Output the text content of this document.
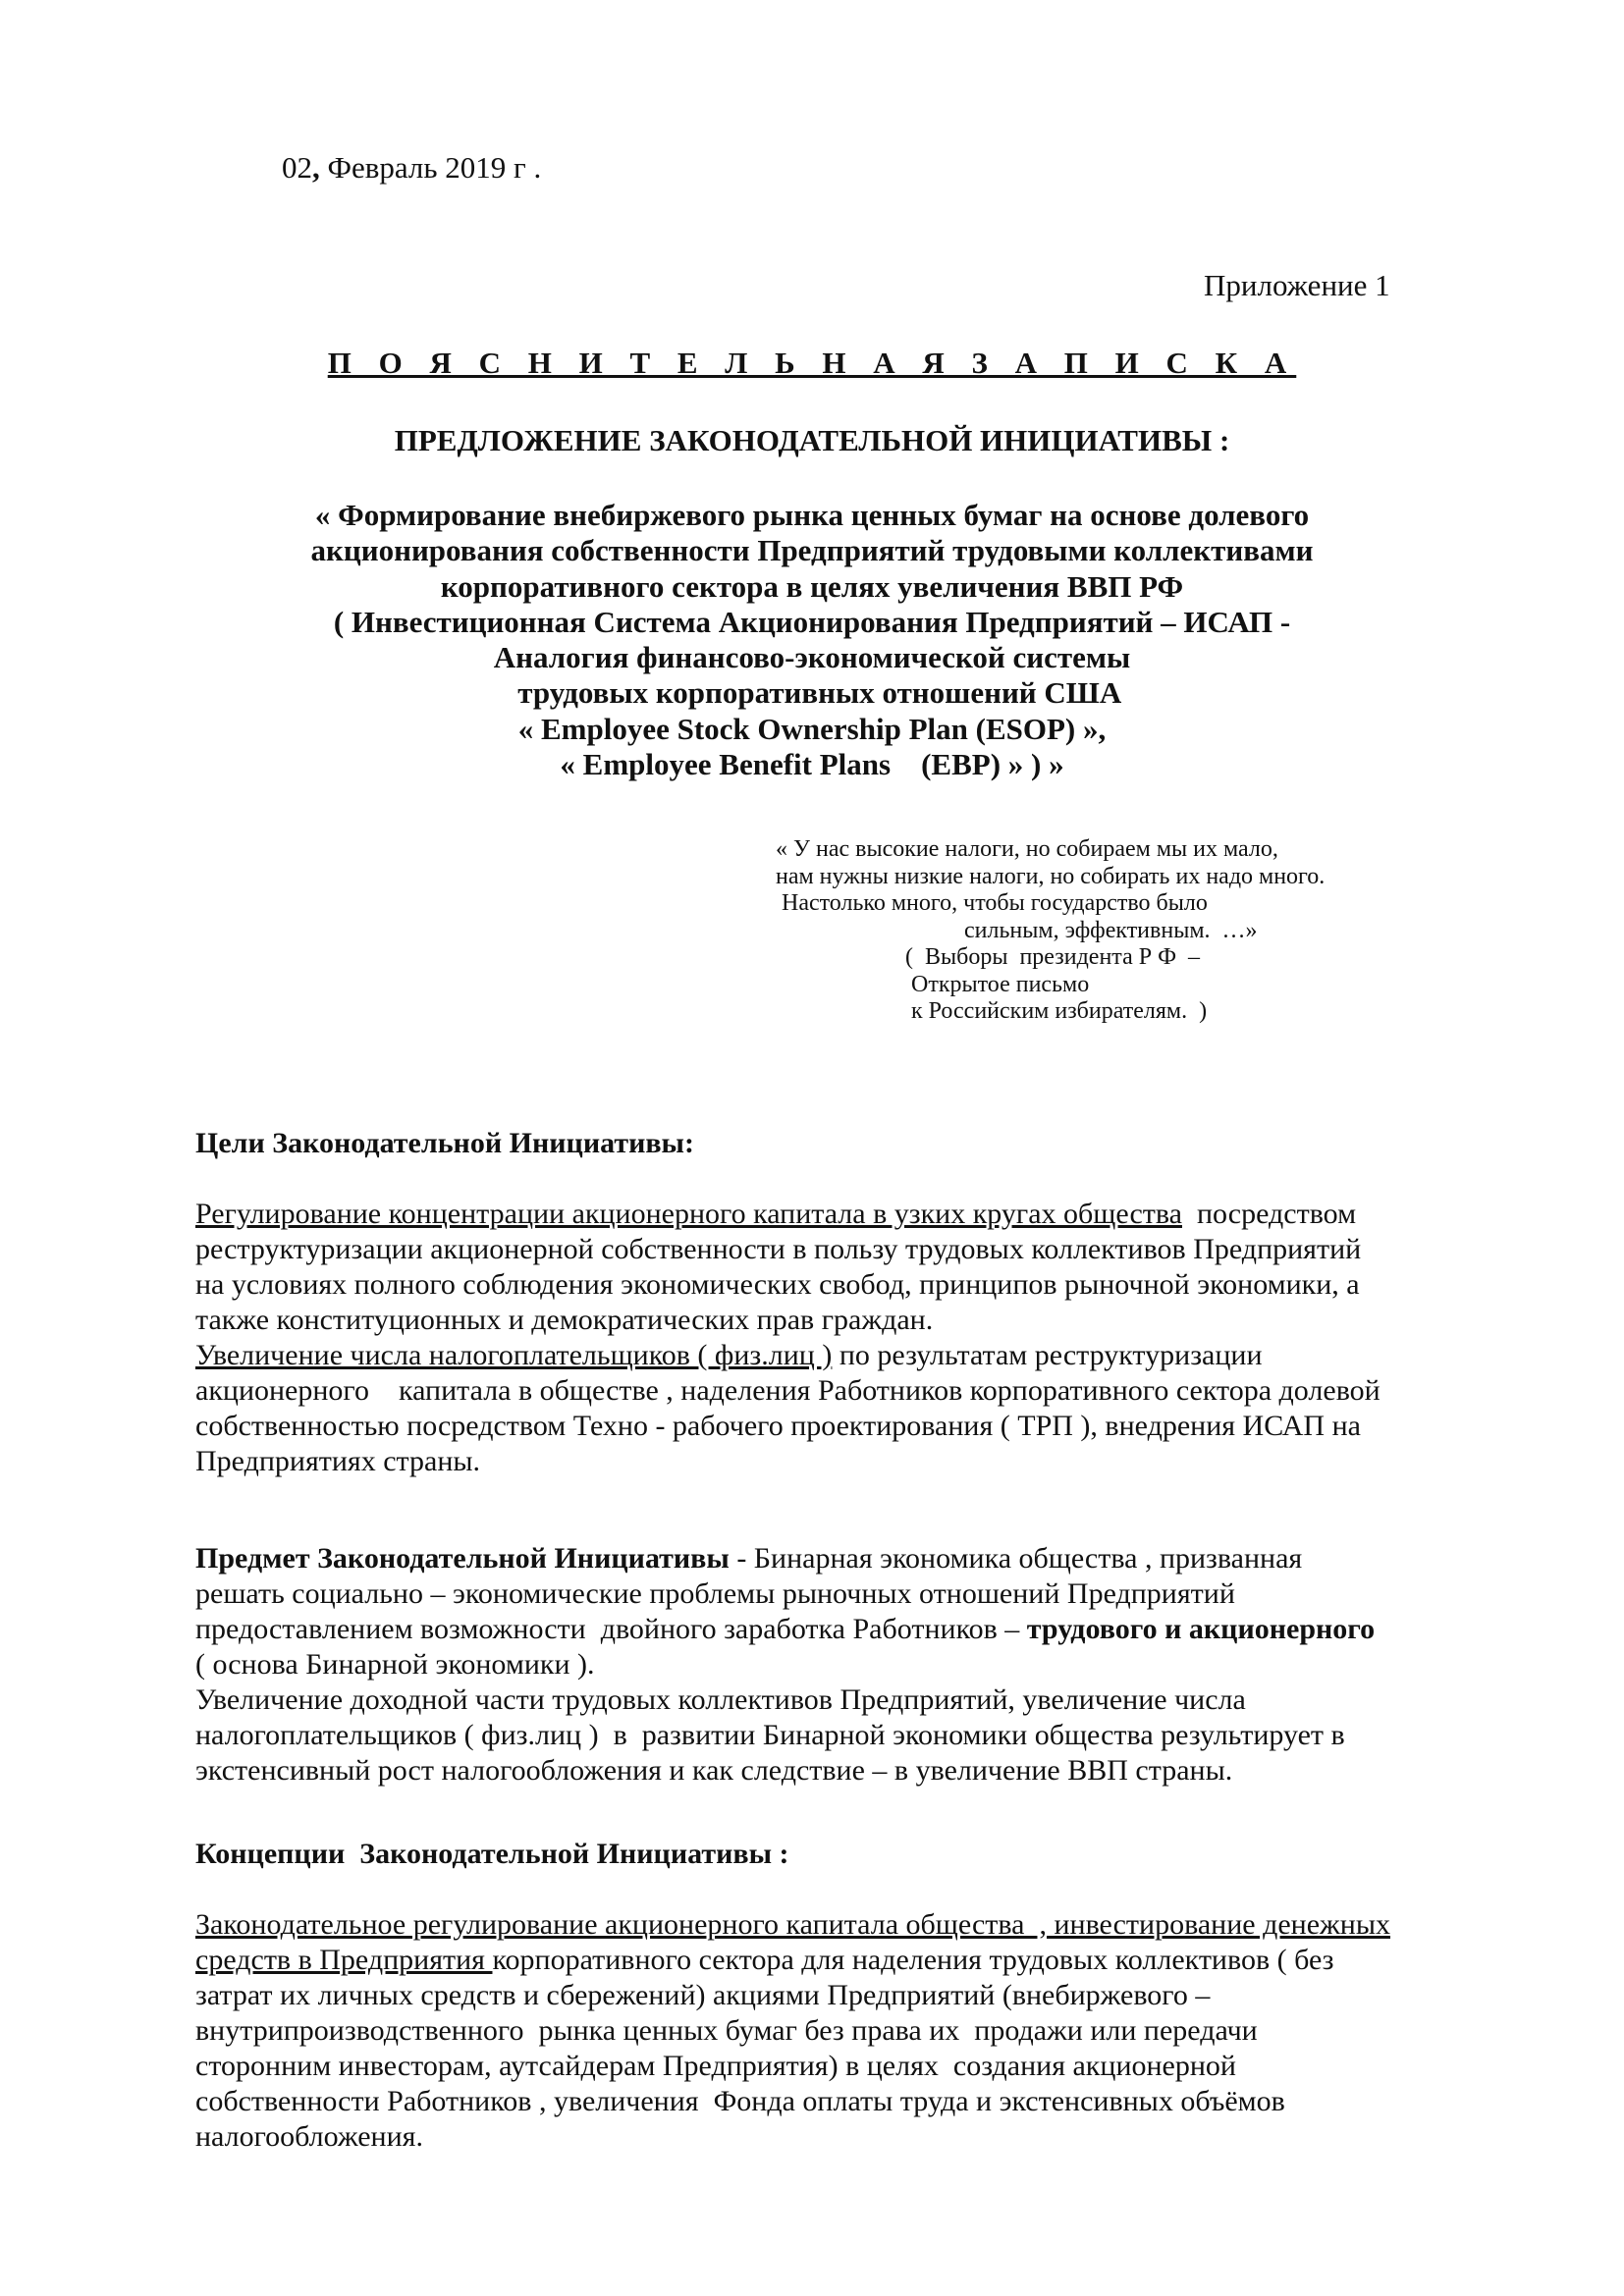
02, Февраль 2019 г .
Приложение 1
П О Я С Н И Т Е Л Ь Н А Я З А П И С К А
ПРЕДЛОЖЕНИЕ ЗАКОНОДАТЕЛЬНОЙ ИНИЦИАТИВЫ :
« Формирование внебиржевого рынка ценных бумаг на основе долевого
акционирования собственности Предприятий трудовыми коллективами
корпоративного сектора в целях увеличения ВВП РФ
( Инвестиционная Система Акционирования Предприятий – ИСАП -
Аналогия финансово-экономической системы
трудовых корпоративных отношений США
« Employee Stock Ownership Plan (ESOP) »,
« Employee Benefit Plans    (EBP) » ) »
« У нас высокие налоги, но собираем мы их мало,
нам нужны низкие налоги, но собирать их надо много.
Настолько много, чтобы государство было
сильным, эффективным.  …»
(  Выборы  президента Р Ф  –
Открытое письмо
к Российским избирателям.  )
Цели Законодательной Инициативы:
Регулирование концентрации акционерного капитала в узких кругах общества  посредством
реструктуризации акционерной собственности в пользу трудовых коллективов Предприятий
на условиях полного соблюдения экономических свобод, принципов рыночной экономики, а
также конституционных и демократических прав граждан.
Увеличение числа налогоплательщиков ( физ.лиц ) по результатам реструктуризации
акционерного    капитала в обществе , наделения Работников корпоративного сектора долевой
собственностью посредством Техно - рабочего проектирования ( ТРП ), внедрения ИСАП на
Предприятиях страны.
Предмет Законодательной Инициативы - Бинарная экономика общества , призванная
решать социально – экономические проблемы рыночных отношений Предприятий
предоставлением возможности  двойного заработка Работников – трудового и акционерного
( основа Бинарной экономики ).
Увеличение доходной части трудовых коллективов Предприятий, увеличение числа
налогоплательщиков ( физ.лиц )  в  развитии Бинарной экономики общества результирует в
экстенсивный рост налогообложения и как следствие – в увеличение ВВП страны.
Концепции  Законодательной Инициативы :
Законодательное регулирование акционерного капитала общества  , инвестирование денежных
средств в Предприятия корпоративного сектора для наделения трудовых коллективов ( без
затрат их личных средств и сбережений) акциями Предприятий (внебиржевого –
внутрипроизводственного  рынка ценных бумаг без права их  продажи или передачи
сторонним инвесторам, аутсайдерам Предприятия) в целях  создания акционерной
собственности Работников , увеличения  Фонда оплаты труда и экстенсивных объёмов
налогообложения.
